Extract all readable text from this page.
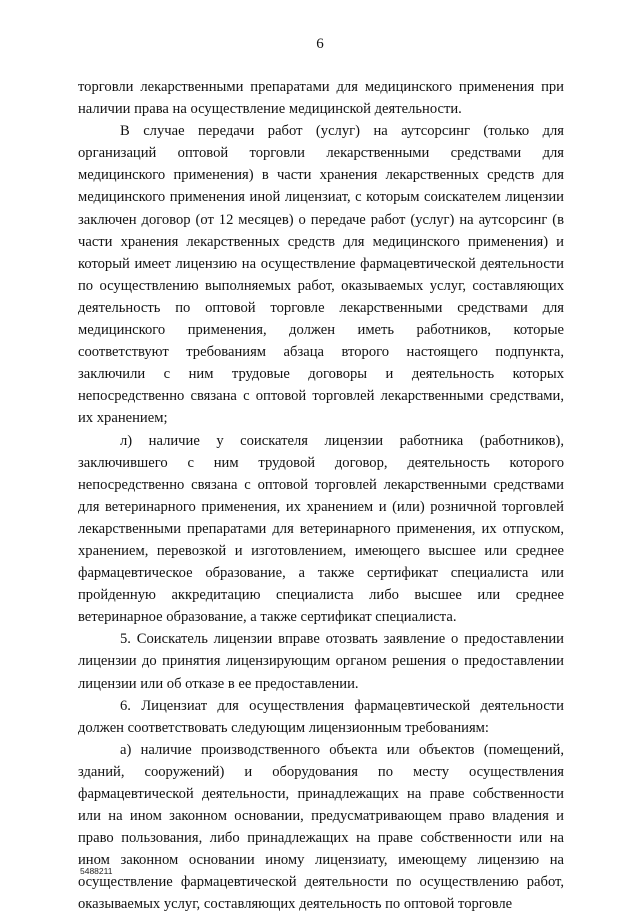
6

торговли лекарственными препаратами для медицинского применения при наличии права на осуществление медицинской деятельности.

В случае передачи работ (услуг) на аутсорсинг (только для организаций оптовой торговли лекарственными средствами для медицинского применения) в части хранения лекарственных средств для медицинского применения иной лицензиат, с которым соискателем лицензии заключен договор (от 12 месяцев) о передаче работ (услуг) на аутсорсинг (в части хранения лекарственных средств для медицинского применения) и который имеет лицензию на осуществление фармацевтической деятельности по осуществлению выполняемых работ, оказываемых услуг, составляющих деятельность по оптовой торговле лекарственными средствами для медицинского применения, должен иметь работников, которые соответствуют требованиям абзаца второго настоящего подпункта, заключили с ним трудовые договоры и деятельность которых непосредственно связана с оптовой торговлей лекарственными средствами, их хранением;

л) наличие у соискателя лицензии работника (работников), заключившего с ним трудовой договор, деятельность которого непосредственно связана с оптовой торговлей лекарственными средствами для ветеринарного применения, их хранением и (или) розничной торговлей лекарственными препаратами для ветеринарного применения, их отпуском, хранением, перевозкой и изготовлением, имеющего высшее или среднее фармацевтическое образование, а также сертификат специалиста или пройденную аккредитацию специалиста либо высшее или среднее ветеринарное образование, а также сертификат специалиста.

5. Соискатель лицензии вправе отозвать заявление о предоставлении лицензии до принятия лицензирующим органом решения о предоставлении лицензии или об отказе в ее предоставлении.

6. Лицензиат для осуществления фармацевтической деятельности должен соответствовать следующим лицензионным требованиям:

а) наличие производственного объекта или объектов (помещений, зданий, сооружений) и оборудования по месту осуществления фармацевтической деятельности, принадлежащих на праве собственности или на ином законном основании, предусматривающем право владения и право пользования, либо принадлежащих на праве собственности или на ином законном основании иному лицензиату, имеющему лицензию на осуществление фармацевтической деятельности по осуществлению работ, оказываемых услуг, составляющих деятельность по оптовой торговле

5488211
